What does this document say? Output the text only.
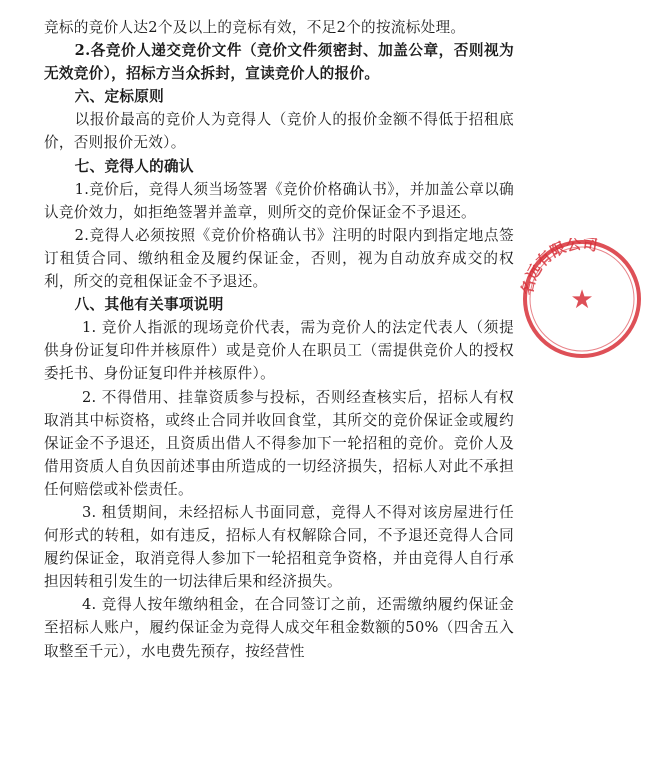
竞标的竞价人达2个及以上的竞标有效，不足2个的按流标处理。

2.各竞价人递交竞价文件（竞价文件须密封、加盖公章，否则视为无效竞价），招标方当众拆封，宣读竞价人的报价。

六、定标原则

以报价最高的竞价人为竞得人（竞价人的报价金额不得低于招租底价，否则报价无效）。

七、竞得人的确认

1.竞价后，竞得人须当场签署《竞价价格确认书》，并加盖公章以确认竞价效力，如拒绝签署并盖章，则所交的竞价保证金不予退还。

2.竞得人必须按照《竞价价格确认书》注明的时限内到指定地点签订租赁合同、缴纳租金及履约保证金，否则，视为自动放弃成交的权利，所交的竞租保证金不予退还。

八、其他有关事项说明

1. 竞价人指派的现场竞价代表，需为竞价人的法定代表人（须提供身份证复印件并核原件）或是竞价人在职员工（需提供竞价人的授权委托书、身份证复印件并核原件）。

2. 不得借用、挂靠资质参与投标，否则经查核实后，招标人有权取消其中标资格，或终止合同并收回食堂，其所交的竞价保证金或履约保证金不予退还，且资质出借人不得参加下一轮招租的竞价。竞价人及借用资质人自负因前述事由所造成的一切经济损失，招标人对此不承担任何赔偿或补偿责任。

3. 租赁期间，未经招标人书面同意，竞得人不得对该房屋进行任何形式的转租，如有违反，招标人有权解除合同，不予退还竞得人合同履约保证金，取消竞得人参加下一轮招租竞争资格，并由竞得人自行承担因转租引发生的一切法律后果和经济损失。

4. 竞得人按年缴纳租金，在合同签订之前，还需缴纳履约保证金至招标人账户，履约保证金为竞得人成交年租金数额的50%（四舍五入取整至千元），水电费先预存，按经营性

名远有限公司
★
